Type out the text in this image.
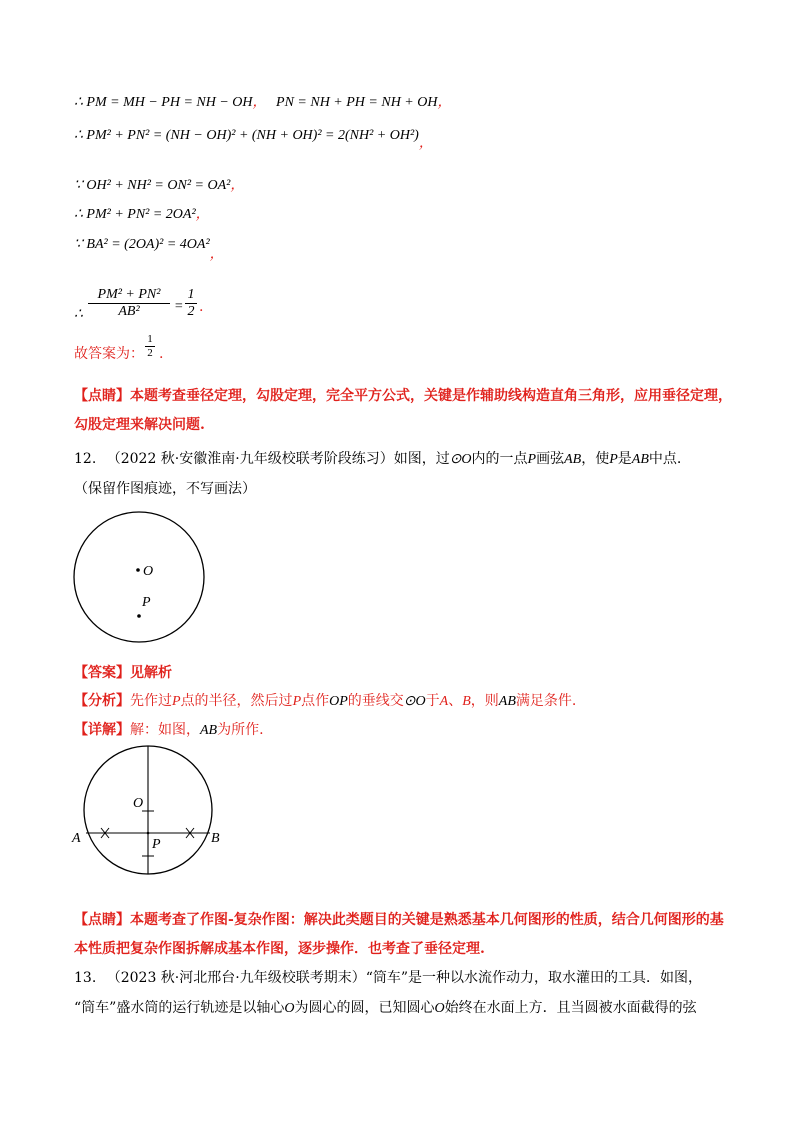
∴ PM = MH − PH = NH − OH， PN = NH + PH = NH + OH，
∴ PM² + PN² = (NH − OH)² + (NH + OH)² = 2(NH² + OH²)，
∵ OH² + NH² = ON² = OA²，
∴ PM² + PN² = 2OA²，
∵ BA² = (2OA)² = 4OA²，
∴
PM² + PN²
AB²	=
1
2 .
故答案为：
1
2 .
【点睛】本题考查垂径定理，勾股定理，完全平方公式，关键是作辅助线构造直角三角形，应用垂径定理，
勾股定理来解决问题.
12. （2022 秋·安徽淮南·九年级校联考阶段练习）如图，过⊙O内的一点P画弦AB，使P是AB中点.
（保留作图痕迹，不写画法）
O
P
【答案】见解析
【分析】先作过P点的半径，然后过P点作OP的垂线交⊙O于A、B，则AB满足条件.
【详解】解：如图，AB为所作.
O
P
A	B
【点睛】本题考查了作图-复杂作图：解决此类题目的关键是熟悉基本几何图形的性质，结合几何图形的基
本性质把复杂作图拆解成基本作图，逐步操作．也考查了垂径定理.
13. （2023 秋·河北邢台·九年级校联考期末）“筒车”是一种以水流作动力，取水灌田的工具．如图，
“筒车”盛水筒的运行轨迹是以轴心O为圆心的圆，已知圆心O始终在水面上方．且当圆被水面截得的弦
